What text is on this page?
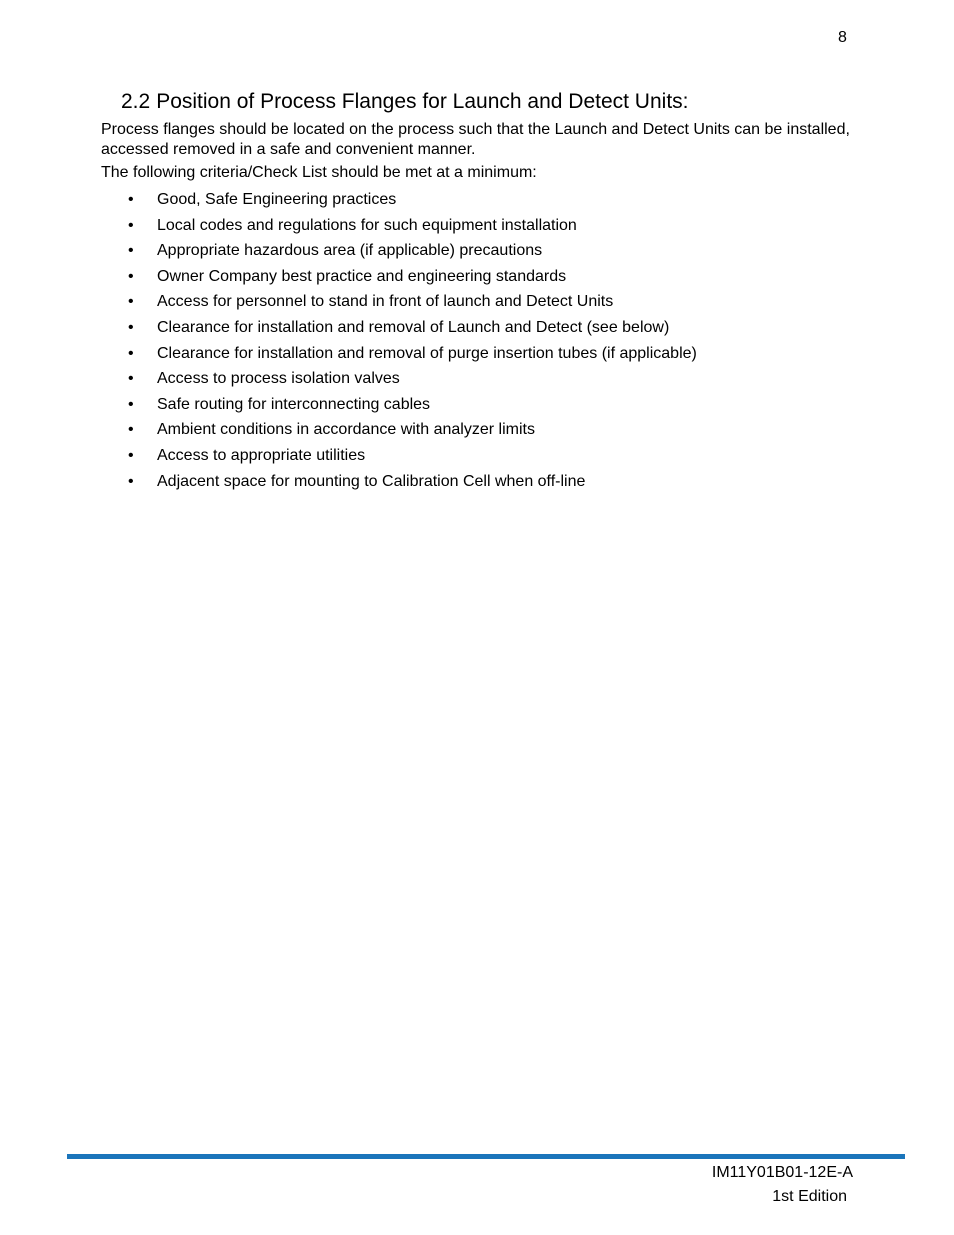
8
2.2 Position of Process Flanges for Launch and Detect Units:

Process flanges should be located on the process such that the Launch and Detect Units can be installed, accessed removed in a safe and convenient manner.

The following criteria/Check List should be met at a minimum:

• Good, Safe Engineering practices
• Local codes and regulations for such equipment installation
• Appropriate hazardous area (if applicable) precautions
• Owner Company best practice and engineering standards
• Access for personnel to stand in front of launch and Detect Units
• Clearance for installation and removal of Launch and Detect (see below)
• Clearance for installation and removal of purge insertion tubes (if applicable)
• Access to process isolation valves
• Safe routing for interconnecting cables
• Ambient conditions in accordance with analyzer limits
• Access to appropriate utilities
• Adjacent space for mounting to Calibration Cell when off-line
IM11Y01B01-12E-A
1st Edition
